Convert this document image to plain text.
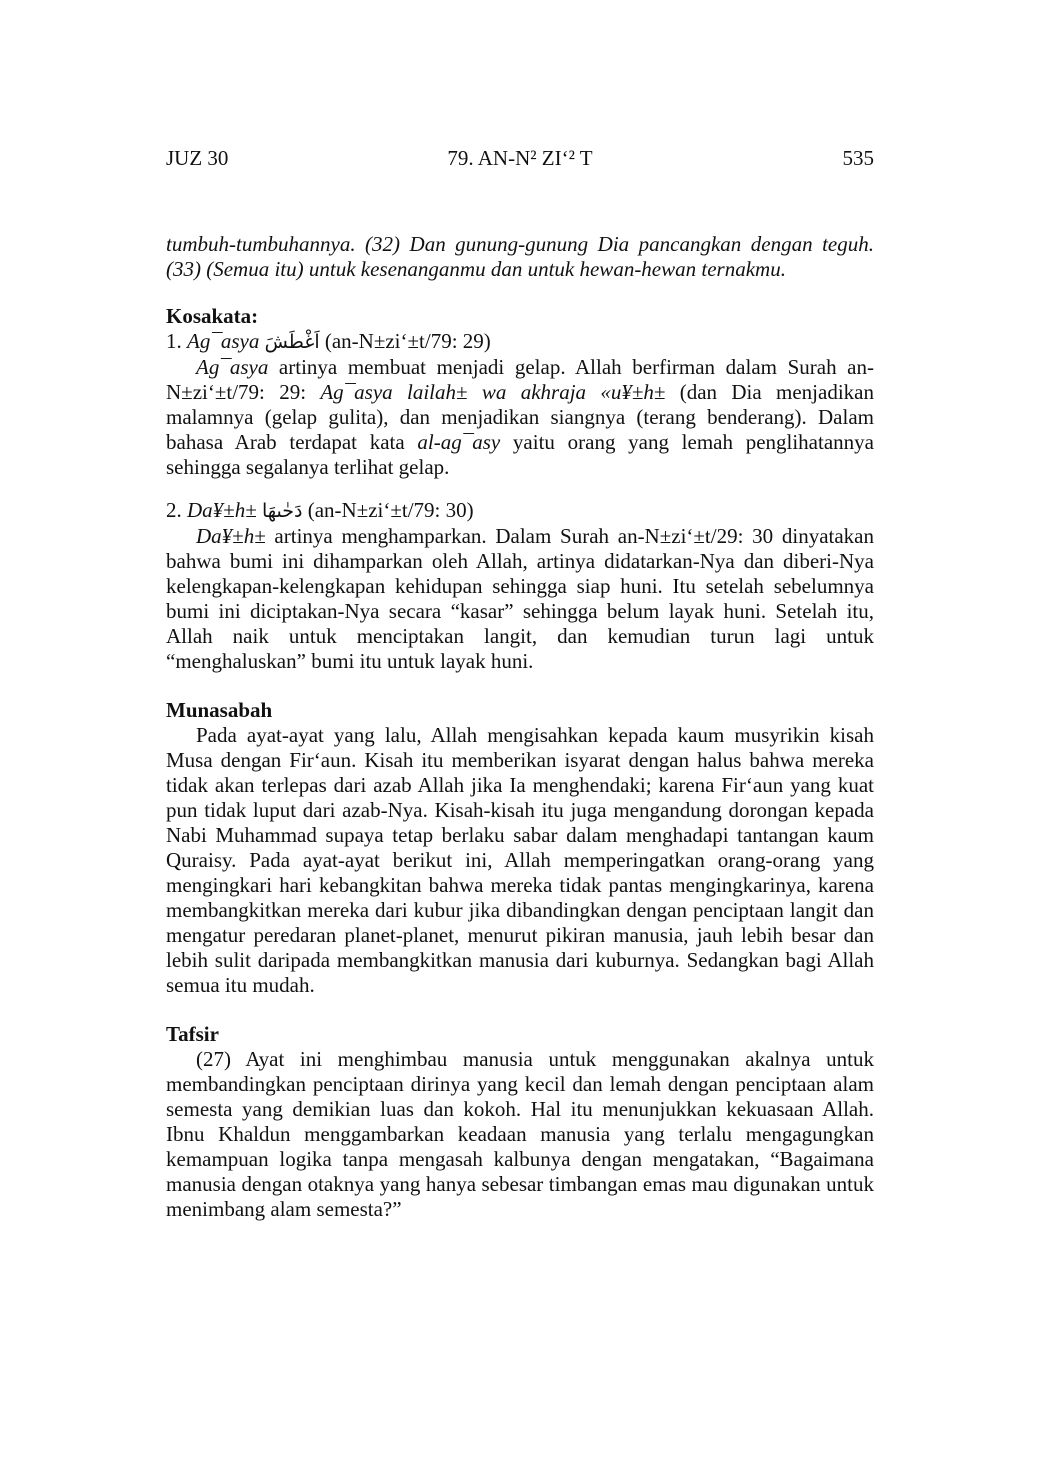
JUZ 30	79. AN-N² ZI‘² T	535

tumbuh-tumbuhannya. (32) Dan gunung-gunung Dia pancangkan dengan teguh. (33) (Semua itu) untuk kesenanganmu dan untuk hewan-hewan ternakmu.

Kosakata:

1. Ag¯asya اَغْطَشَ (an-N±zi‘±t/79: 29)

Ag¯asya artinya membuat menjadi gelap. Allah berfirman dalam Surah an-N±zi‘±t/79: 29: Ag¯asya lailah± wa akhraja «u¥±h± (dan Dia menjadikan malamnya (gelap gulita), dan menjadikan siangnya (terang benderang). Dalam bahasa Arab terdapat kata al-ag¯asy yaitu orang yang lemah penglihatannya sehingga segalanya terlihat gelap.

2. Da¥±h± دَحٰىهَا (an-N±zi‘±t/79: 30)

Da¥±h± artinya menghamparkan. Dalam Surah an-N±zi‘±t/29: 30 dinyatakan bahwa bumi ini dihamparkan oleh Allah, artinya didatarkan-Nya dan diberi-Nya kelengkapan-kelengkapan kehidupan sehingga siap huni. Itu setelah sebelumnya bumi ini diciptakan-Nya secara “kasar” sehingga belum layak huni. Setelah itu, Allah naik untuk menciptakan langit, dan kemudian turun lagi untuk “menghaluskan” bumi itu untuk layak huni.

Munasabah

Pada ayat-ayat yang lalu, Allah mengisahkan kepada kaum musyrikin kisah Musa dengan Fir‘aun. Kisah itu memberikan isyarat dengan halus bahwa mereka tidak akan terlepas dari azab Allah jika Ia menghendaki; karena Fir‘aun yang kuat pun tidak luput dari azab-Nya. Kisah-kisah itu juga mengandung dorongan kepada Nabi Muhammad supaya tetap berlaku sabar dalam menghadapi tantangan kaum Quraisy. Pada ayat-ayat berikut ini, Allah memperingatkan orang-orang yang mengingkari hari kebangkitan bahwa mereka tidak pantas mengingkarinya, karena membangkitkan mereka dari kubur jika dibandingkan dengan penciptaan langit dan mengatur peredaran planet-planet, menurut pikiran manusia, jauh lebih besar dan lebih sulit daripada membangkitkan manusia dari kuburnya. Sedangkan bagi Allah semua itu mudah.

Tafsir

(27) Ayat ini menghimbau manusia untuk menggunakan akalnya untuk membandingkan penciptaan dirinya yang kecil dan lemah dengan penciptaan alam semesta yang demikian luas dan kokoh. Hal itu menunjukkan kekuasaan Allah. Ibnu Khaldun menggambarkan keadaan manusia yang terlalu mengagungkan kemampuan logika tanpa mengasah kalbunya dengan mengatakan, “Bagaimana manusia dengan otaknya yang hanya sebesar timbangan emas mau digunakan untuk menimbang alam semesta?”
